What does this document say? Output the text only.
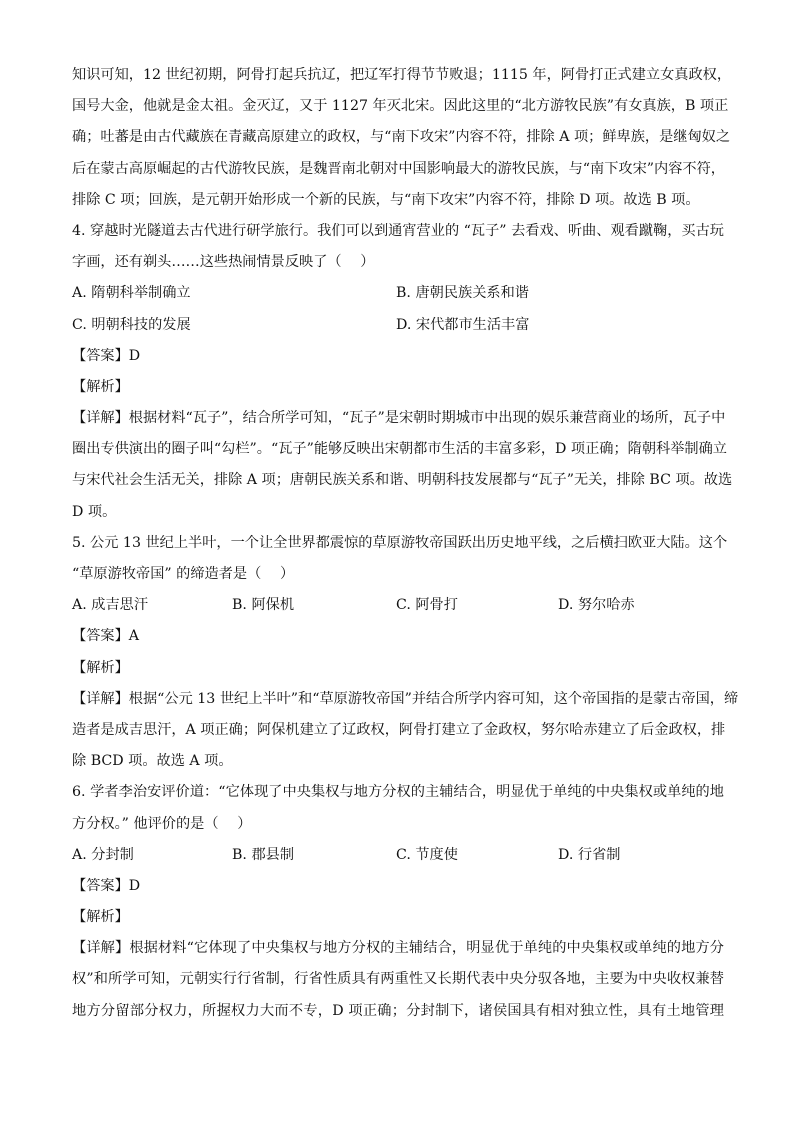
知识可知，12 世纪初期，阿骨打起兵抗辽，把辽军打得节节败退；1115 年，阿骨打正式建立女真政权，
国号大金，他就是金太祖。金灭辽，又于 1127 年灭北宋。因此这里的“北方游牧民族”有女真族，B 项正
确；吐蕃是由古代藏族在青藏高原建立的政权，与“南下攻宋”内容不符，排除 A 项；鲜卑族，是继匈奴之
后在蒙古高原崛起的古代游牧民族，是魏晋南北朝对中国影响最大的游牧民族，与“南下攻宋”内容不符，
排除 C 项；回族，是元朝开始形成一个新的民族，与“南下攻宋”内容不符，排除 D 项。故选 B 项。
4. 穿越时光隧道去古代进行研学旅行。我们可以到通宵营业的 “瓦子” 去看戏、听曲、观看蹴鞠，买古玩
字画，还有剃头……这些热闹情景反映了（　 ）
A. 隋朝科举制确立	B. 唐朝民族关系和谐
C. 明朝科技的发展	D. 宋代都市生活丰富
【答案】D
【解析】
【详解】根据材料“瓦子”，结合所学可知，“瓦子”是宋朝时期城市中出现的娱乐兼营商业的场所，瓦子中
圈出专供演出的圈子叫“勾栏”。“瓦子”能够反映出宋朝都市生活的丰富多彩，D 项正确；隋朝科举制确立
与宋代社会生活无关，排除 A 项；唐朝民族关系和谐、明朝科技发展都与“瓦子”无关，排除 BC 项。故选
D 项。
5. 公元 13 世纪上半叶，一个让全世界都震惊的草原游牧帝国跃出历史地平线，之后横扫欧亚大陆。这个
“草原游牧帝国” 的缔造者是（　 ）
A. 成吉思汗	B. 阿保机	C. 阿骨打	D. 努尔哈赤
【答案】A
【解析】
【详解】根据“公元 13 世纪上半叶”和“草原游牧帝国”并结合所学内容可知，这个帝国指的是蒙古帝国，缔
造者是成吉思汗，A 项正确；阿保机建立了辽政权，阿骨打建立了金政权，努尔哈赤建立了后金政权，排
除 BCD 项。故选 A 项。
6. 学者李治安评价道：“它体现了中央集权与地方分权的主辅结合，明显优于单纯的中央集权或单纯的地
方分权。” 他评价的是（　 ）
A. 分封制	B. 郡县制	C. 节度使	D. 行省制
【答案】D
【解析】
【详解】根据材料“它体现了中央集权与地方分权的主辅结合，明显优于单纯的中央集权或单纯的地方分
权”和所学可知，元朝实行行省制，行省性质具有两重性又长期代表中央分驭各地，主要为中央收权兼替
地方分留部分权力，所握权力大而不专，D 项正确；分封制下，诸侯国具有相对独立性，具有土地管理
